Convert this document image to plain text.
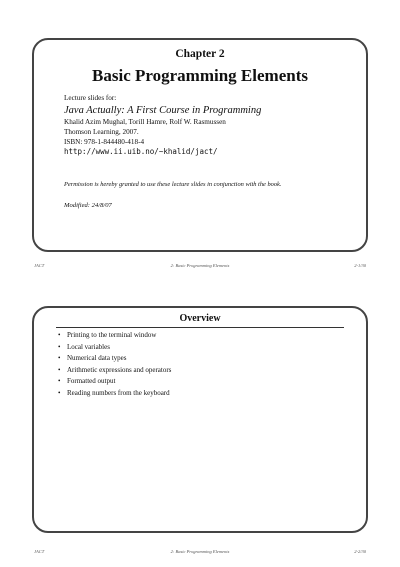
Chapter 2
Basic Programming Elements
Lecture slides for:
Java Actually: A First Course in Programming
Khalid Azim Mughal, Torill Hamre, Rolf W. Rasmussen
Thomson Learning, 2007.
ISBN: 978-1-844480-418-4
http://www.ii.uib.no/~khalid/jact/
Permission is hereby granted to use these lecture slides in conjunction with the book.
Modified: 24/8/07
JACT	2: Basic Programming Elements	2-1/30
Overview
• Printing to the terminal window
• Local variables
• Numerical data types
• Arithmetic expressions and operators
• Formatted output
• Reading numbers from the keyboard
JACT	2: Basic Programming Elements	2-2/30
